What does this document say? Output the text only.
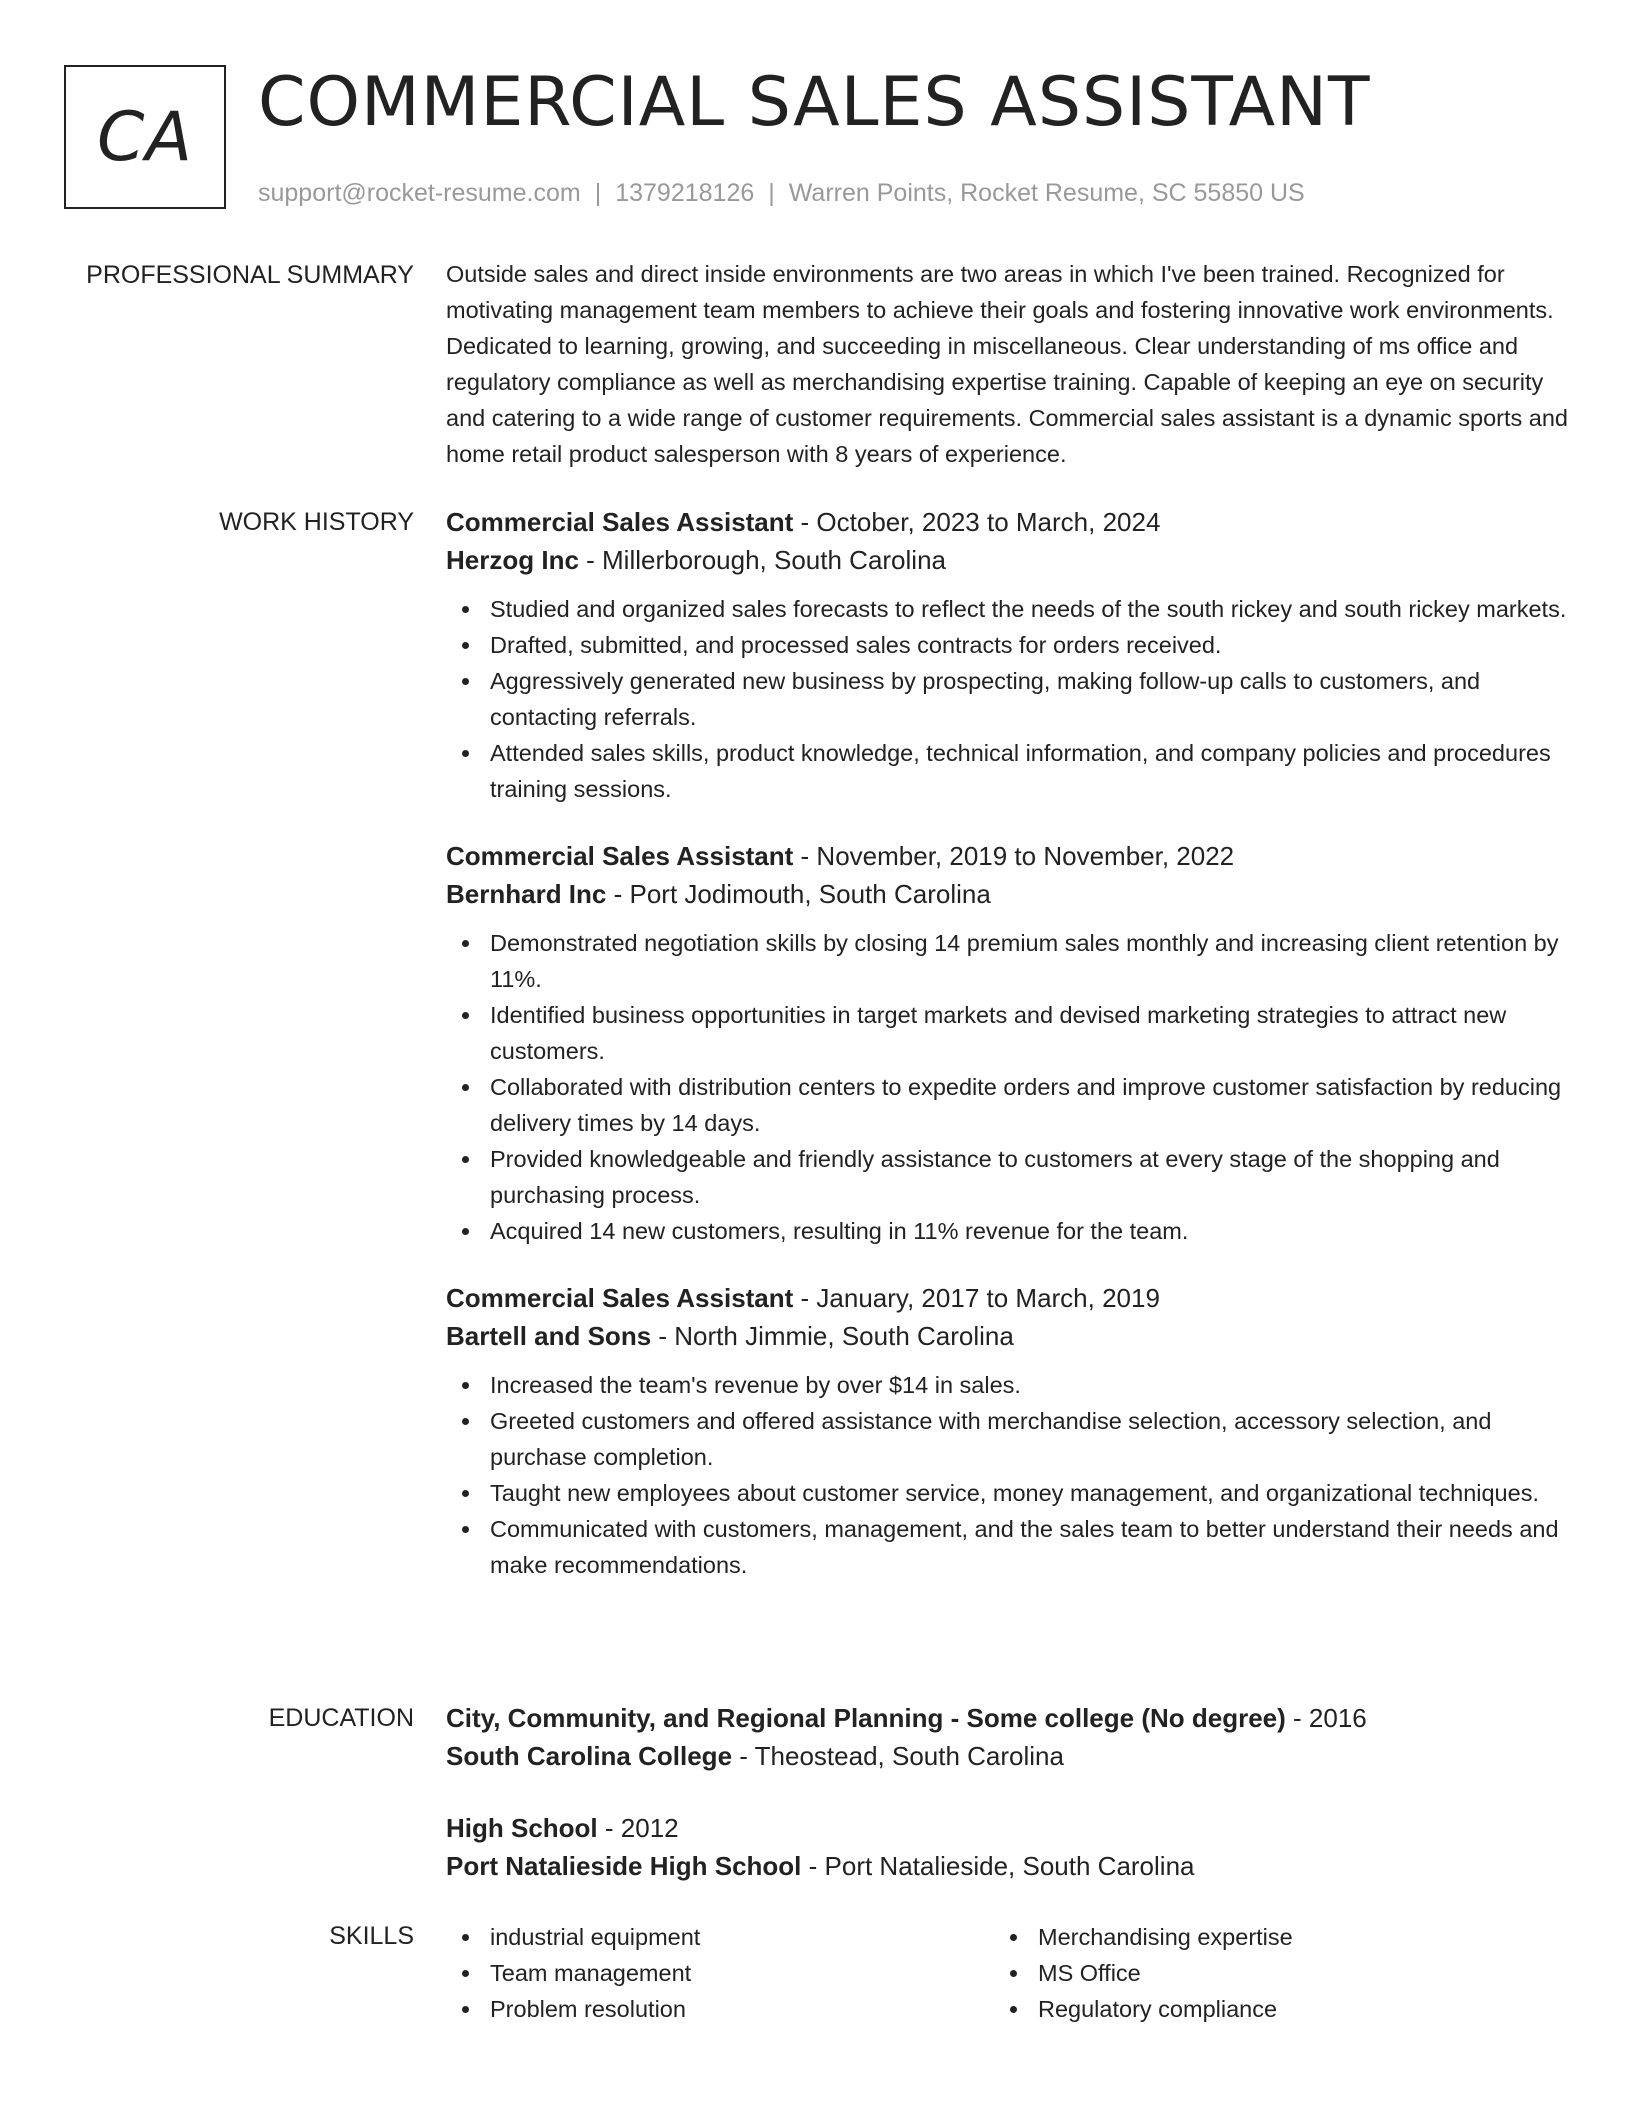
CA COMMERCIAL SALES ASSISTANT
support@rocket-resume.com | 1379218126 | Warren Points, Rocket Resume, SC 55850 US
PROFESSIONAL SUMMARY Outside sales and direct inside environments are two areas in which I've been trained. Recognized for motivating management team members to achieve their goals and fostering innovative work environments. Dedicated to learning, growing, and succeeding in miscellaneous. Clear understanding of ms office and regulatory compliance as well as merchandising expertise training. Capable of keeping an eye on security and catering to a wide range of customer requirements. Commercial sales assistant is a dynamic sports and home retail product salesperson with 8 years of experience.

WORK HISTORY Commercial Sales Assistant - October, 2023 to March, 2024
Herzog Inc - Millerborough, South Carolina
Studied and organized sales forecasts to reflect the needs of the south rickey and south rickey markets.
Drafted, submitted, and processed sales contracts for orders received.
Aggressively generated new business by prospecting, making follow-up calls to customers, and contacting referrals.
Attended sales skills, product knowledge, technical information, and company policies and procedures training sessions.
Commercial Sales Assistant - November, 2019 to November, 2022
Bernhard Inc - Port Jodimouth, South Carolina
Demonstrated negotiation skills by closing 14 premium sales monthly and increasing client retention by 11%.
Identified business opportunities in target markets and devised marketing strategies to attract new customers.
Collaborated with distribution centers to expedite orders and improve customer satisfaction by reducing delivery times by 14 days.
Provided knowledgeable and friendly assistance to customers at every stage of the shopping and purchasing process.
Acquired 14 new customers, resulting in 11% revenue for the team.
Commercial Sales Assistant - January, 2017 to March, 2019
Bartell and Sons - North Jimmie, South Carolina
Increased the team's revenue by over $14 in sales.
Greeted customers and offered assistance with merchandise selection, accessory selection, and purchase completion.
Taught new employees about customer service, money management, and organizational techniques.
Communicated with customers, management, and the sales team to better understand their needs and make recommendations.
EDUCATION City, Community, and Regional Planning - Some college (No degree) - 2016
South Carolina College - Theostead, South Carolina
High School - 2012
Port Natalieside High School - Port Natalieside, South Carolina
SKILLS	industrial equipment
Team management
Problem resolution
Merchandising expertise
MS Office
Regulatory compliance
